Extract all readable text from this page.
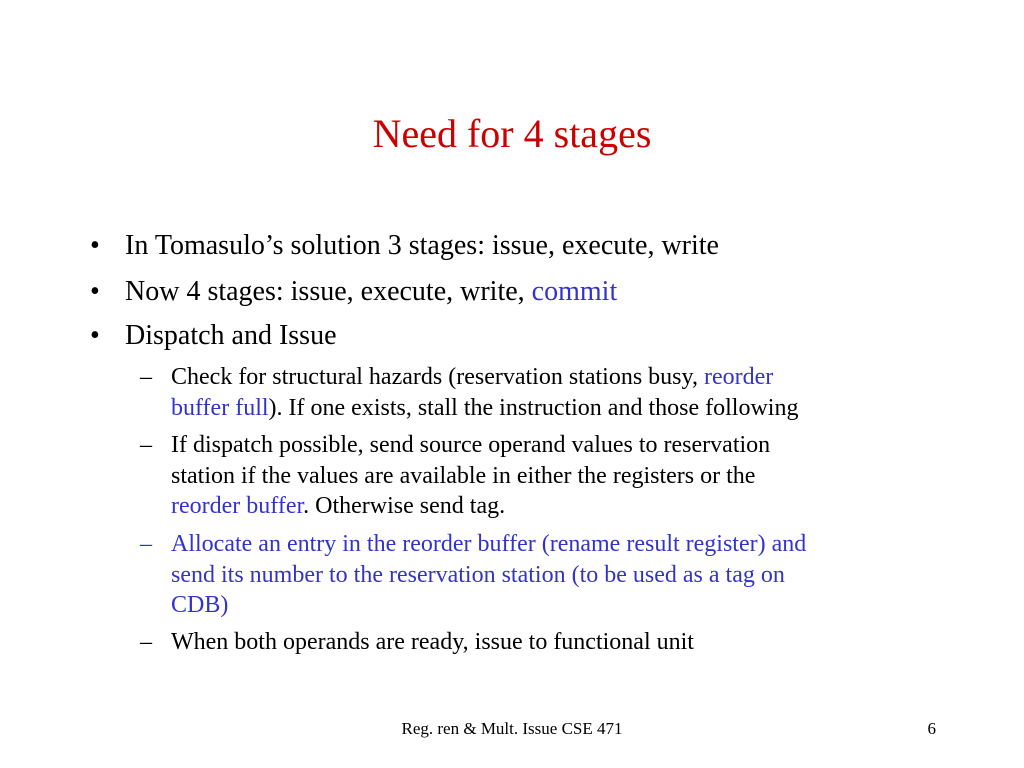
Need for 4 stages
• In Tomasulo’s solution 3 stages: issue, execute, write
• Now 4 stages: issue, execute, write, commit
• Dispatch and Issue
– Check for structural hazards (reservation stations busy, reorder
buffer full). If one exists, stall the instruction and those following
– If dispatch possible, send source operand values to reservation
station if the values are available in either the registers or the
reorder buffer. Otherwise send tag.
– Allocate an entry in the reorder buffer (rename result register) and
send its number to the reservation station (to be used as a tag on
CDB)
– When both operands are ready, issue to functional unit
Reg. ren & Mult. Issue CSE 471	6
